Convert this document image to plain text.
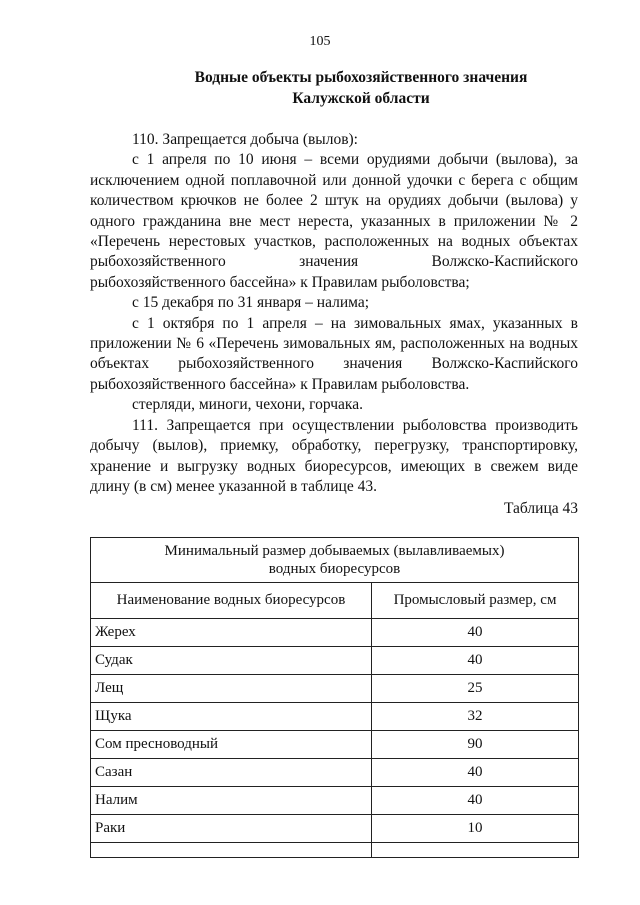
105
Водные объекты рыбохозяйственного значения
Калужской области

110. Запрещается добыча (вылов):

с 1 апреля по 10 июня – всеми орудиями добычи (вылова), за исключением одной поплавочной или донной удочки с берега с общим количеством крючков не более 2 штук на орудиях добычи (вылова) у одного гражданина вне мест нереста, указанных в приложении № 2 «Перечень нерестовых участков, расположенных на водных объектах рыбохозяйственного значения Волжско-Каспийского рыбохозяйственного бассейна» к Правилам рыболовства;

с 15 декабря по 31 января – налима;

с 1 октября по 1 апреля – на зимовальных ямах, указанных в приложении № 6 «Перечень зимовальных ям, расположенных на водных объектах рыбохозяйственного значения Волжско-Каспийского рыбохозяйственного бассейна» к Правилам рыболовства.

стерляди, миноги, чехони, горчака.

111. Запрещается при осуществлении рыболовства производить добычу (вылов), приемку, обработку, перегрузку, транспортировку, хранение и выгрузку водных биоресурсов, имеющих в свежем виде длину (в см) менее указанной в таблице 43.

Таблица 43
Минимальный размер добываемых (вылавливаемых)
водных биоресурсов	

Наименование водных биоресурсов	Промысловый размер, см
Жерех	40
Судак	40
Лещ	25
Щука	32
Сом пресноводный	90
Сазан	40
Налим	40
Раки	10
